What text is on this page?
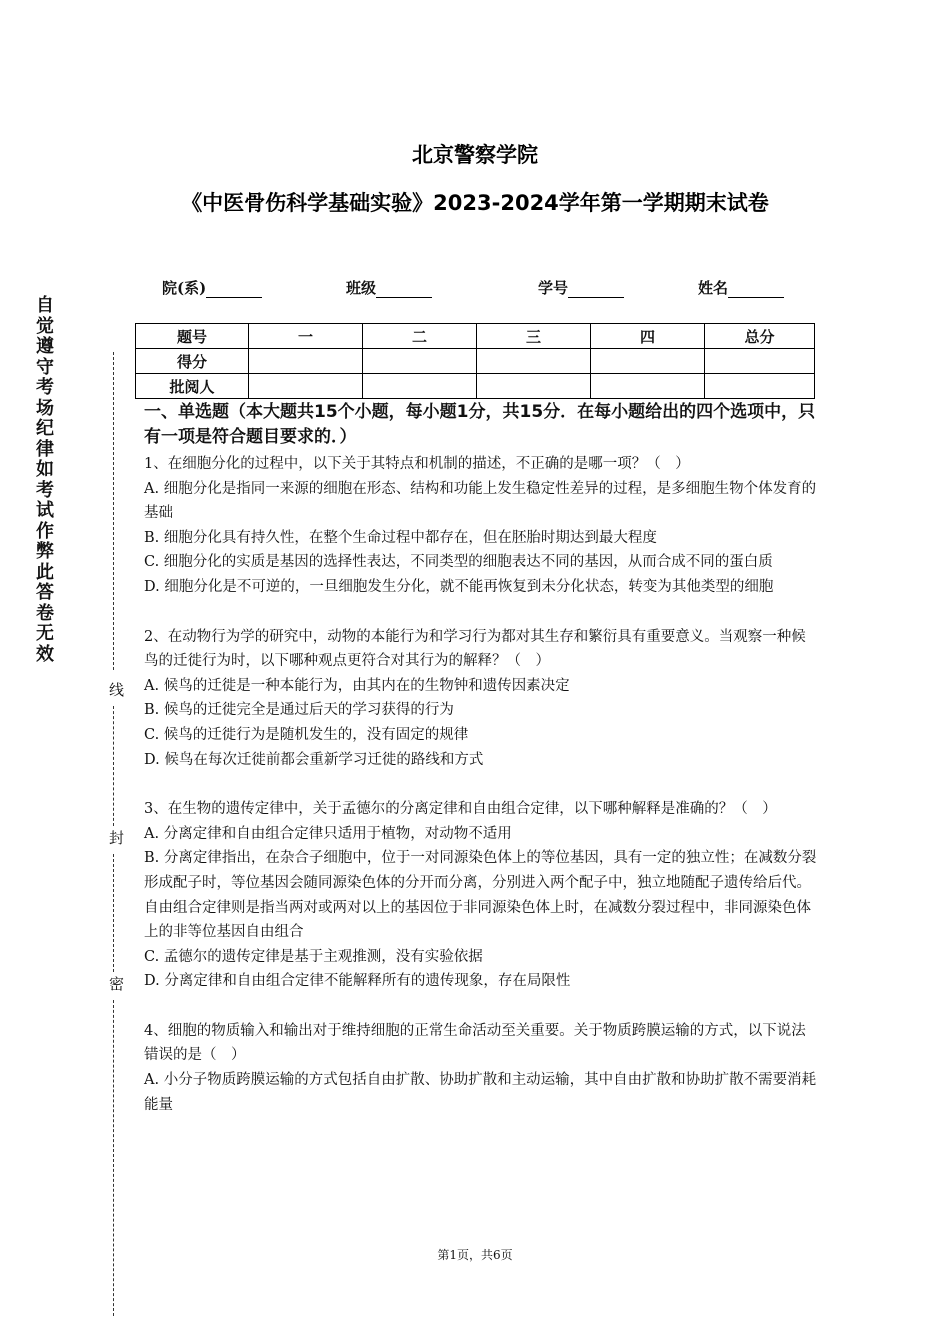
北京警察学院
《中医骨伤科学基础实验》2023-2024学年第一学期期末试卷
院(系)	班级	学号	姓名
题号	一	二	三	四	总分
得分					
批阅人					
自觉遵守考场纪律如考试作弊此答卷无效
线
封
密

一、单选题（本大题共15个小题，每小题1分，共15分．在每小题给出的四个选项中，只有一项是符合题目要求的．）

1、在细胞分化的过程中，以下关于其特点和机制的描述，不正确的是哪一项？（　）

A. 细胞分化是指同一来源的细胞在形态、结构和功能上发生稳定性差异的过程，是多细胞生物个体发育的基础

B. 细胞分化具有持久性，在整个生命过程中都存在，但在胚胎时期达到最大程度

C. 细胞分化的实质是基因的选择性表达，不同类型的细胞表达不同的基因，从而合成不同的蛋白质

D. 细胞分化是不可逆的，一旦细胞发生分化，就不能再恢复到未分化状态，转变为其他类型的细胞

2、在动物行为学的研究中，动物的本能行为和学习行为都对其生存和繁衍具有重要意义。当观察一种候鸟的迁徙行为时，以下哪种观点更符合对其行为的解释？（　）

A. 候鸟的迁徙是一种本能行为，由其内在的生物钟和遗传因素决定

B. 候鸟的迁徙完全是通过后天的学习获得的行为

C. 候鸟的迁徙行为是随机发生的，没有固定的规律

D. 候鸟在每次迁徙前都会重新学习迁徙的路线和方式

3、在生物的遗传定律中，关于孟德尔的分离定律和自由组合定律，以下哪种解释是准确的？（　）

A. 分离定律和自由组合定律只适用于植物，对动物不适用

B. 分离定律指出，在杂合子细胞中，位于一对同源染色体上的等位基因，具有一定的独立性；在减数分裂形成配子时，等位基因会随同源染色体的分开而分离，分别进入两个配子中，独立地随配子遗传给后代。自由组合定律则是指当两对或两对以上的基因位于非同源染色体上时，在减数分裂过程中，非同源染色体上的非等位基因自由组合

C. 孟德尔的遗传定律是基于主观推测，没有实验依据

D. 分离定律和自由组合定律不能解释所有的遗传现象，存在局限性

4、细胞的物质输入和输出对于维持细胞的正常生命活动至关重要。关于物质跨膜运输的方式，以下说法错误的是（　）

A. 小分子物质跨膜运输的方式包括自由扩散、协助扩散和主动运输，其中自由扩散和协助扩散不需要消耗能量

第1页，共6页
